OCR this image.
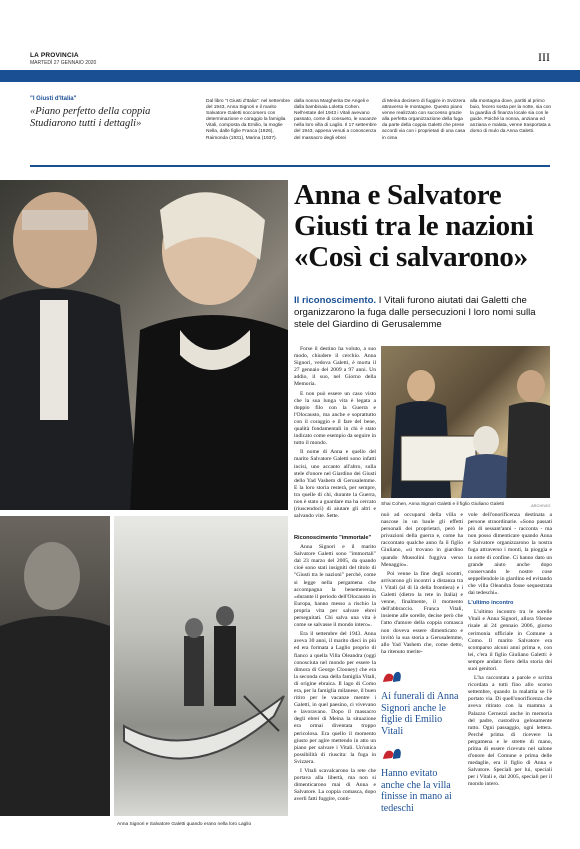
LA PROVINCIA
MARTEDÌ 27 GENNAIO 2020	III
"I Giusti d'Italia"
«Piano perfetto della coppia Studiarono tutti i dettagli»
Dal libro "I Giusti d'Italia": nel settembre del 1943, Anna Signori e il marito Salvatore Galetti soccorsero con determinazione e coraggio la famiglia Vitali, composta da Emilio, la moglie Nella, dalle figlie Franca (1926), Raimonda (1931), Marina (1937).
dalla nonna Margherita De Angeli e dalla bambinaia Loletta Cohen. Nell'estate del 1943 i Vitali avevano passato, come di consueto, le vacanze nella loro villa di Laglio. Il 17 settembre del 1943, appena venuti a conoscenza del massacro degli ebrei
di Meina decisero di fuggire in Svizzera attraverso le montagne. Questo piano venne realizzato con successo grazie alla perfetta organizzazione della fuga da parte della coppia Galetti che prese accordi via con i proprietari di una casa in cima
alla montagna dove, partiti al primo buio, fecero sosta per la notte, sia con la guardia di finanza locale sia con le guide. Poiché la nonna, anziana ed anziana e malata, venne trasportata a dorso di mulo da Anna Galetti.
Anna Signori e Salvatore Galetti quando erano nella loro Laglio
Shai Cohen, Anna Signori Galetti e il figlio Giuliano Galetti	ARCHIVIO
Anna e Salvatore Giusti tra le nazioni «Così ci salvarono»
Il riconoscimento. I Vitali furono aiutati dai Galetti che organizzarono la fuga dalle persecuzioni I loro nomi sulla stele del Giardino di Gerusalemme

Forse il destino ha voluto, a suo modo, chiudere il cerchio. Anna Signori, vedova Galetti, è morta il 27 gennaio del 2009 a 97 anni. Un addio, il suo, nel Giorno della Memoria.

E non può essere un caso visto che la sua lunga vita è legata a doppio filo con la Guerra e l'Olocausto, ma anche e soprattutto con il coraggio e il fare del bene, qualità fondamentali in chi è stato indicato come esempio da seguire in tutto il mondo.

Il nome di Anna e quello del marito Salvatore Galetti sono infatti incisi, uno accanto all'altro, sulla stele d'onore nel Giardino dei Giusti dello Yad Vashem di Gerusalemme. E la loro storia resterà, per sempre, tra quelle di chi, durante la Guerra, non è stato a guardare ma ha cercato (riuscendoci) di aiutare gli altri e salvando vite. Sette.

Riconoscimento "immortale"

Anna Signori e il marito Salvatore Galetti sono "immortali" dal 23 marzo del 2005, da quando cioè sono stati insigniti del titolo di "Giusti tra le nazioni" perché, come si legge nella pergamena che accompagna la benemerenza, «durante il periodo dell'Olocausto in Europa, hanno messo a rischio la propria vita per salvare ebrei perseguitati. Chi salva una vita è come se salvasse il mondo intero».

Era il settembre del 1943. Anna aveva 30 anni, il marito dieci in più ed era formata a Laglio proprio di fianco a quella Villa Oleandra (oggi conosciuta nel mondo per essere la dimora di George Clooney) che era la seconda casa della famiglia Vitali, di origine ebraica. Il lago di Como era, per la famiglia milanese, il buen ritiro per le vacanze mentre i Galetti, in quel paesino, ci vivevano e lavoravano. Dopo il massacro degli ebrei di Meina la situazione era ormai diventata troppo pericolosa. Era quello il momento giusto per agire mettendo in atto un piano per salvare i Vitali. Un'unica possibilità di riuscita: la fuga in Svizzera.

I Vitali scavalcarono la rete che portava alla libertà, ma non si dimenticarono mai di Anna e Salvatore. La coppia comasca, dopo averli fatti fuggire, conti-

nuò ad occuparsi della villa e nascose in un baule gli effetti personali dei proprietari, però le privazioni della guerra e, come ha raccontato qualche anno fa il figlio Giuliano, «si trovano in giardino quando Mussolini fuggiva verso Menaggio».

Poi venne la fine degli scontri, arrivarono gli incontri a distanza tra i Vitali (al di là della frontiera) e i Galetti (dietro la rete in Italia) e venne, finalmente, il momento dell'abbraccio. Franca Vitali, insieme alle sorelle, decise però che l'atto d'amore della coppia comasca non doveva essere dimenticato e invitò la sua storia a Gerusalemme, allo Yad Vashem che, come detto, ha ritenuto merite-

Ai funerali di Anna Signori anche le figlie di Emilio Vitali
Hanno evitato anche che la villa finisse in mano ai tedeschi

vole dell'onorificenza destinata a persone straordinarie. «Sono passati più di sessant'anni - racconta - ma non posso dimenticare quando Anna e Salvatore organizzarono la nostra fuga attraverso i monti, la pioggia e la notte di confine. Ci hanno dato un grande aiuto anche dopo conservando le nostre cose seppellendole in giardino ed evitando che villa Oleandra fosse sequestrata dai tedeschi».

L'ultimo incontro

L'ultimo incontro tra le sorelle Vitali e Anna Signori, allora 93enne risale al 24 gennaio 2006, giorno cerimonia ufficiale in Comune a Como. Il marito Salvatore era scomparso alcuni anni prima e, con lei, c'era il figlio Giuliano Galetti: è sempre andato fiero della storia dei suoi genitori.

L'ha raccontata a parole e scritta ricordata a tutti fino allo scorso settembre, quando la malattia se l'è portato via. Di quell'onorificenza che aveva ritirato con la mamma a Palazzo Cernezzi anche in memoria del padre, custodiva gelosamente tutto. Ogni passaggio, ogni lettera. Perché prima di ricevere la pergamena e le strette di mano, prima di essere ricevuto nel salone d'onore del Comune e prima delle medaglie, era il figlio di Anna e Salvatore. Speciali per lui, speciali per i Vitali e, dal 2005, speciali per il mondo intero.
